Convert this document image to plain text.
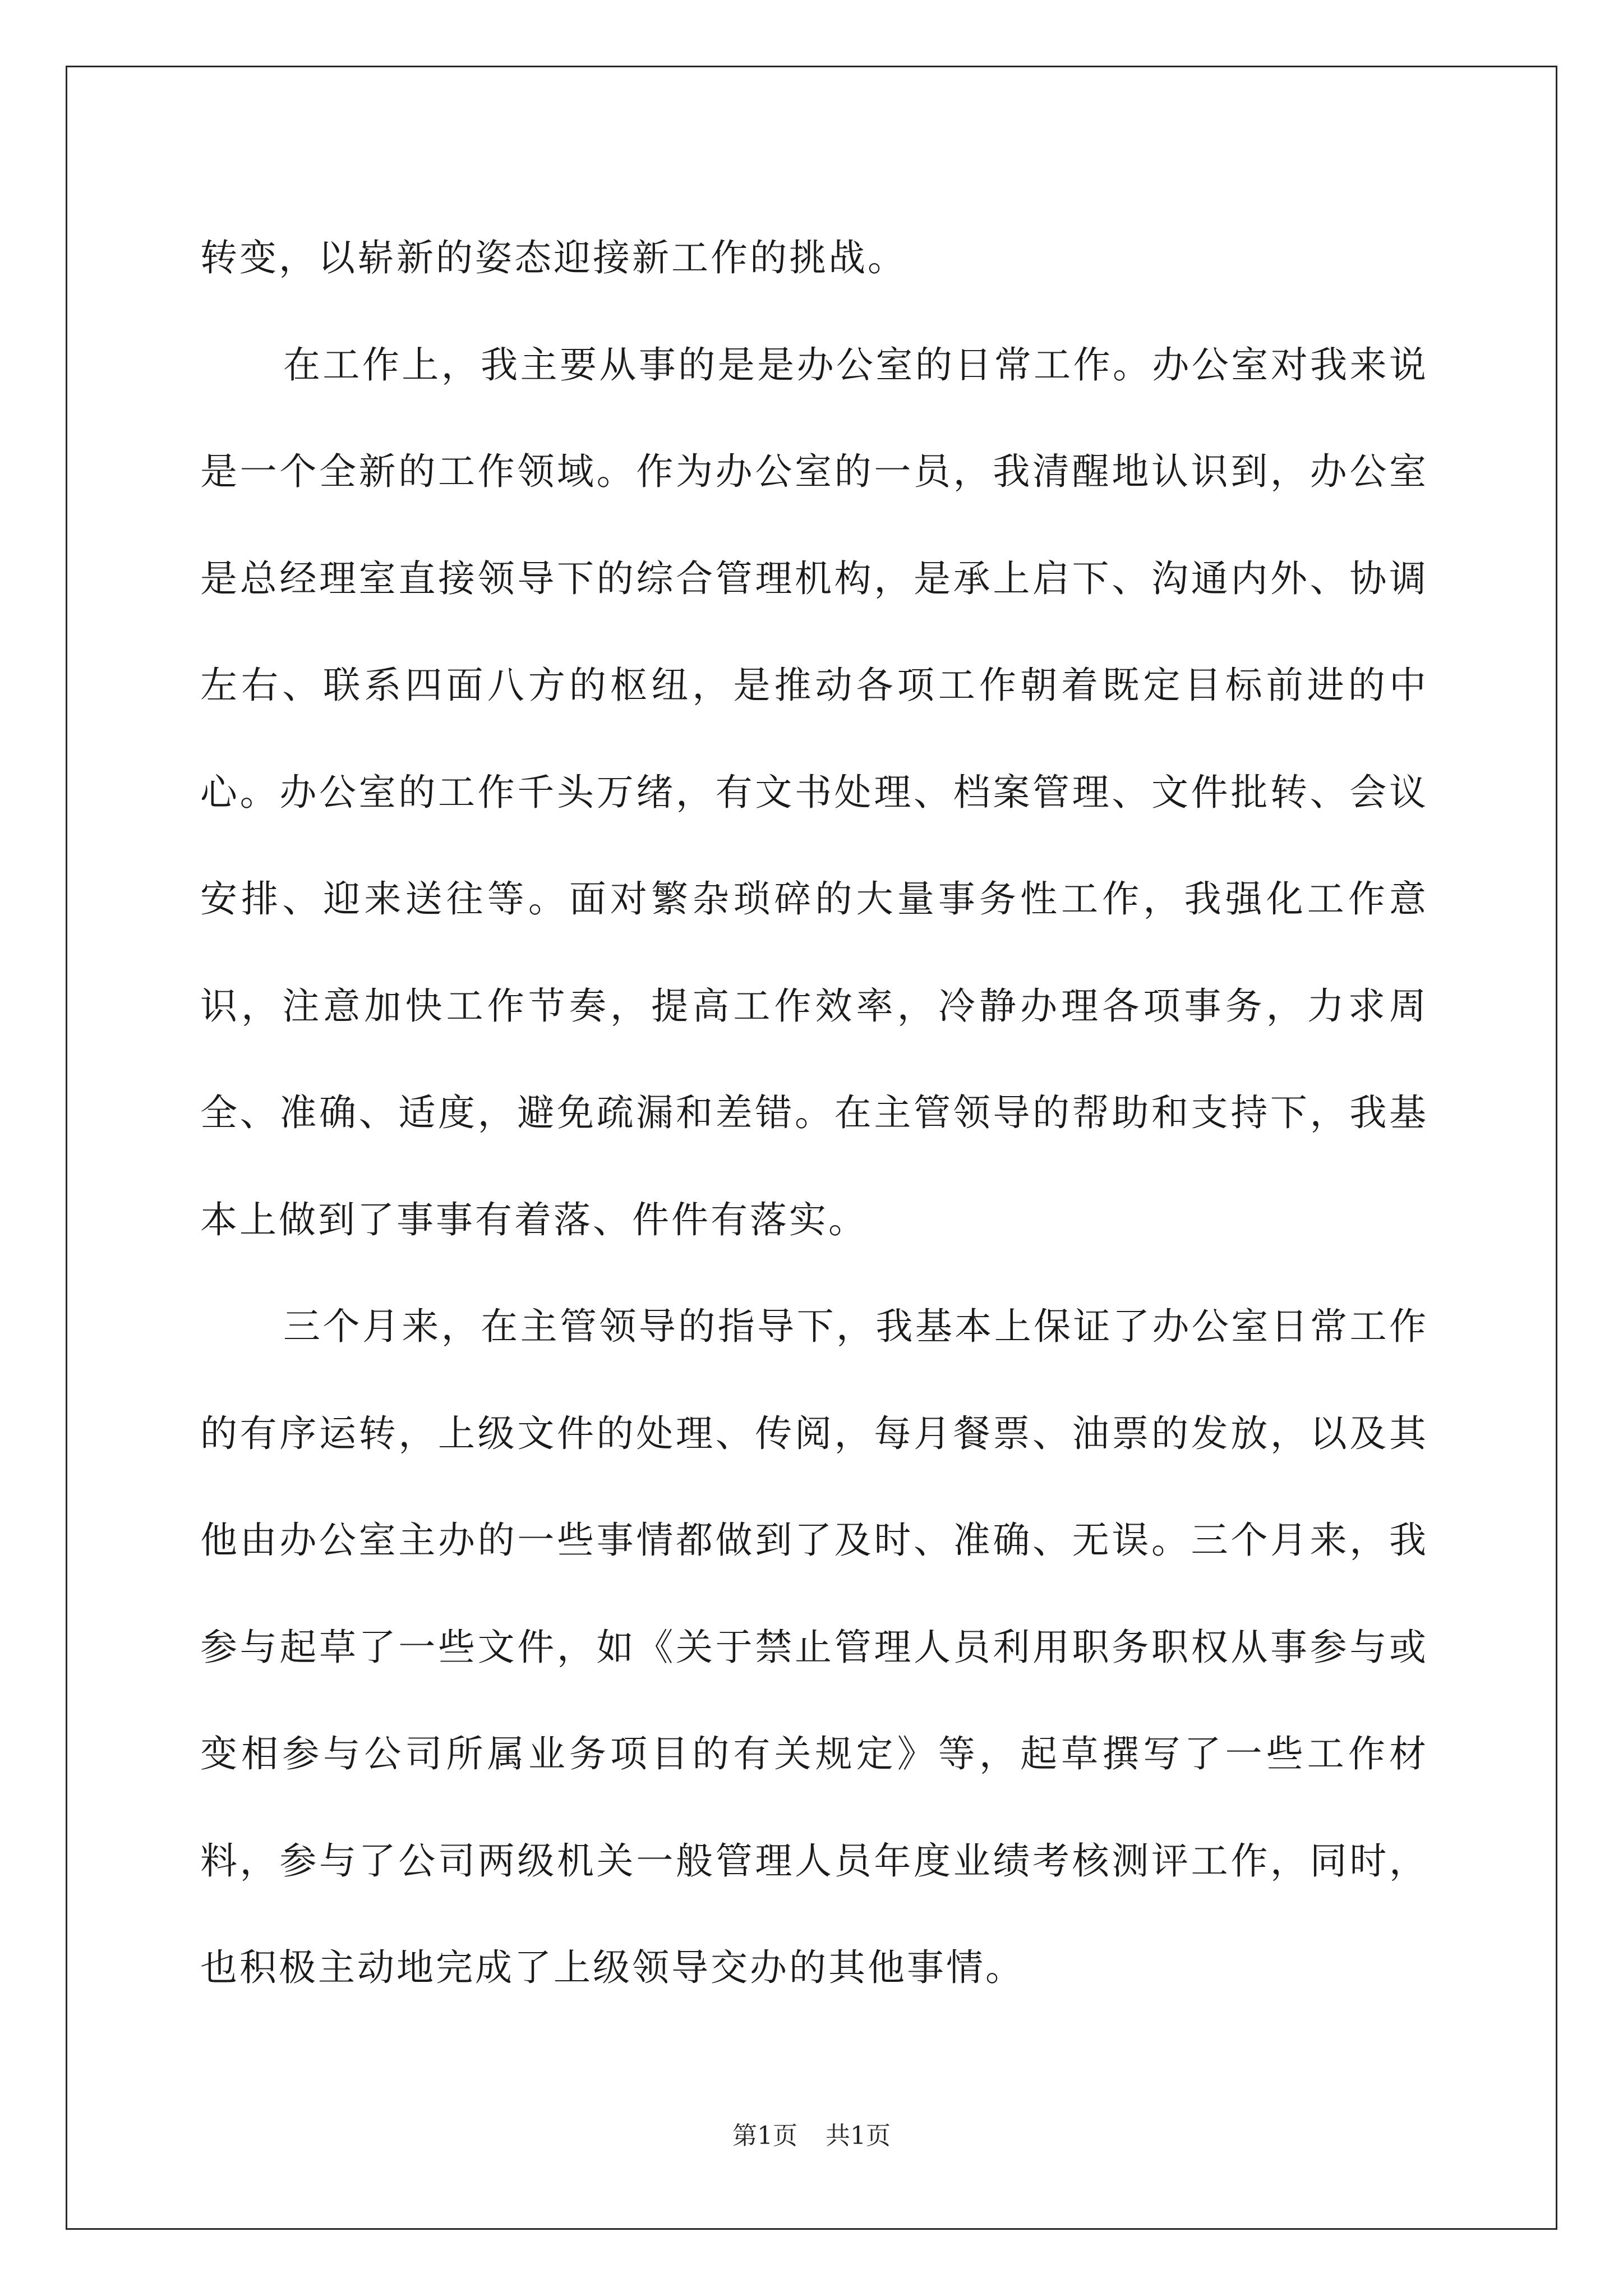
转变，以崭新的姿态迎接新工作的挑战。

在工作上，我主要从事的是是办公室的日常工作。办公室对我来说是一个全新的工作领域。作为办公室的一员，我清醒地认识到，办公室是总经理室直接领导下的综合管理机构，是承上启下、沟通内外、协调左右、联系四面八方的枢纽，是推动各项工作朝着既定目标前进的中心。办公室的工作千头万绪，有文书处理、档案管理、文件批转、会议安排、迎来送往等。面对繁杂琐碎的大量事务性工作，我强化工作意识，注意加快工作节奏，提高工作效率，冷静办理各项事务，力求周全、准确、适度，避免疏漏和差错。在主管领导的帮助和支持下，我基本上做到了事事有着落、件件有落实。

三个月来，在主管领导的指导下，我基本上保证了办公室日常工作的有序运转，上级文件的处理、传阅，每月餐票、油票的发放，以及其他由办公室主办的一些事情都做到了及时、准确、无误。三个月来，我参与起草了一些文件，如《关于禁止管理人员利用职务职权从事参与或变相参与公司所属业务项目的有关规定》等，起草撰写了一些工作材料，参与了公司两级机关一般管理人员年度业绩考核测评工作，同时，也积极主动地完成了上级领导交办的其他事情。

第1页 共1页
